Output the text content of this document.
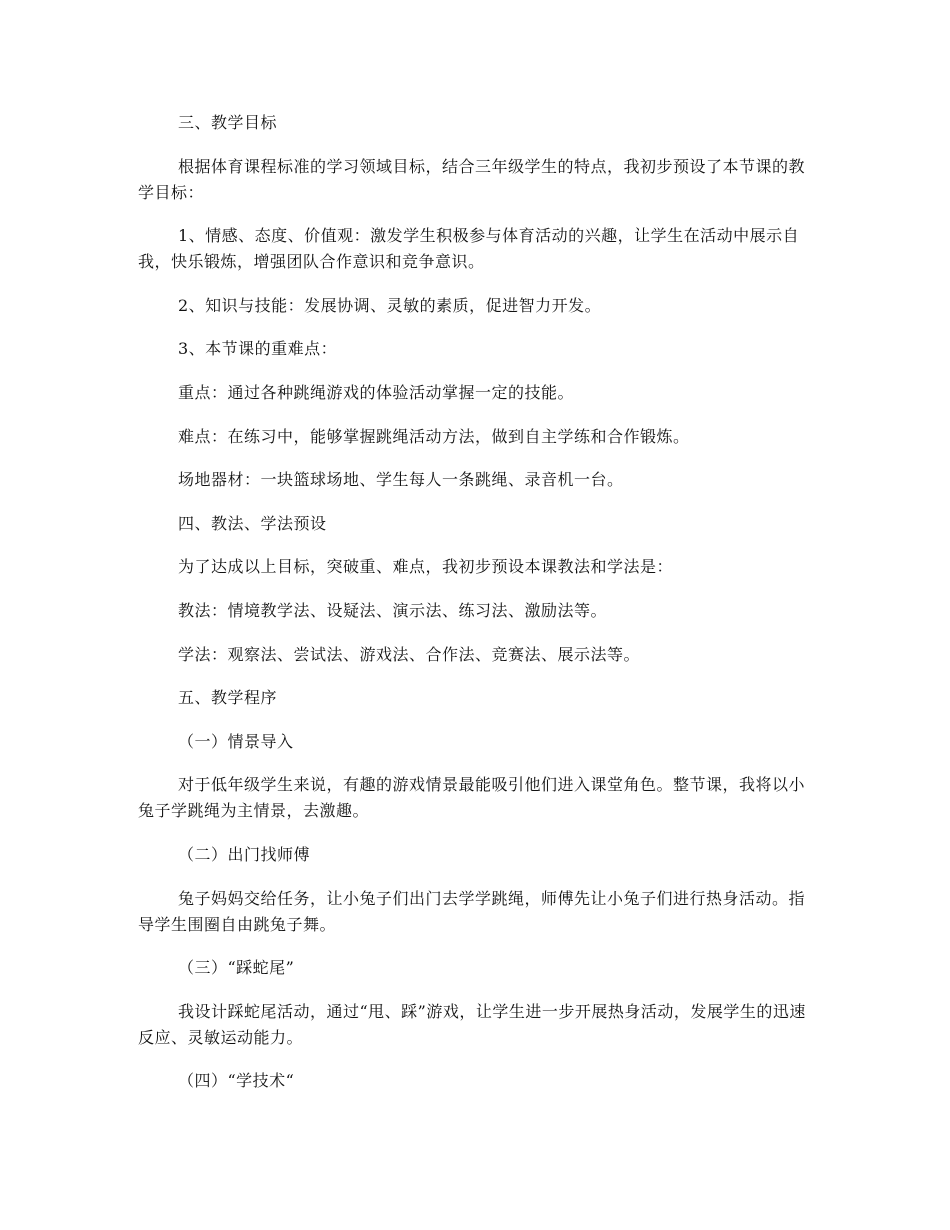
三、教学目标

根据体育课程标准的学习领域目标，结合三年级学生的特点，我初步预设了本节课的教学目标：

1、情感、态度、价值观：激发学生积极参与体育活动的兴趣，让学生在活动中展示自我，快乐锻炼，增强团队合作意识和竞争意识。

2、知识与技能：发展协调、灵敏的素质，促进智力开发。

3、本节课的重难点：

重点：通过各种跳绳游戏的体验活动掌握一定的技能。

难点：在练习中，能够掌握跳绳活动方法，做到自主学练和合作锻炼。

场地器材：一块篮球场地、学生每人一条跳绳、录音机一台。

四、教法、学法预设

为了达成以上目标，突破重、难点，我初步预设本课教法和学法是：

教法：情境教学法、设疑法、演示法、练习法、激励法等。

学法：观察法、尝试法、游戏法、合作法、竞赛法、展示法等。

五、教学程序

（一）情景导入

对于低年级学生来说，有趣的游戏情景最能吸引他们进入课堂角色。整节课，我将以小兔子学跳绳为主情景，去激趣。

（二）出门找师傅

兔子妈妈交给任务，让小兔子们出门去学学跳绳，师傅先让小兔子们进行热身活动。指导学生围圈自由跳兔子舞。

（三）“踩蛇尾”

我设计踩蛇尾活动，通过“甩、踩”游戏，让学生进一步开展热身活动，发展学生的迅速反应、灵敏运动能力。

（四）“学技术“
